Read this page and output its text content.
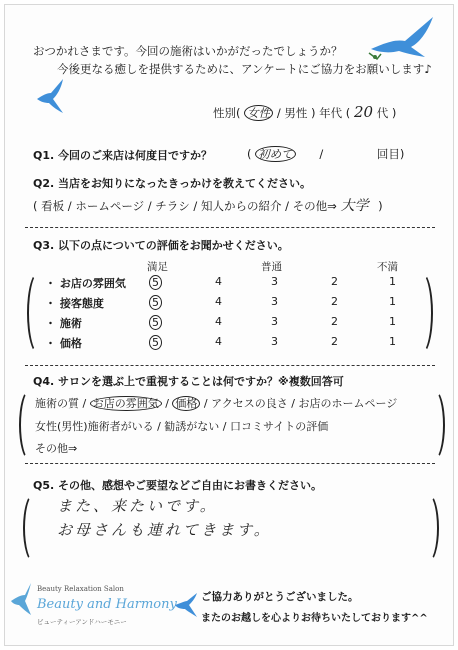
おつかれさまです。今回の施術はいかがだったでしょうか？
今後更なる癒しを提供するために、アンケートにご協力をお願いします♪
性別( 女性 / 男性 ) 年代 ( 20 代 )
Q1. 今回のご来店は何度目ですか？	( 初めて /	回目)
Q2. 当店をお知りになったきっかけを教えてください。
( 看板 / ホームページ / チラシ / 知人からの紹介 / その他⇒ 大学 )
Q3. 以下の点についての評価をお聞かせください。
満足	普通	不満
・ お店の雰囲気 5	4	3	2	1
・ 接客態度	5	4	3	2	1
・ 施術	5	4	3	2	1
・ 価格	5	4	3	2	1
Q4. サロンを選ぶ上で重視することは何ですか？※複数回答可
施術の質 / お店の雰囲気 / 価格 / アクセスの良さ / お店のホームページ
女性(男性)施術者がいる / 勧誘がない / 口コミサイトの評価
その他⇒
Q5. その他、感想やご要望などご自由にお書きください。
また、来たいです。
お母さんも連れてきます。
Beauty Relaxation Salon
Beauty and Harmony
ビューティーアンドハーモニー
ご協力ありがとうございました。
またのお越しを心よりお待ちいたしております^^
